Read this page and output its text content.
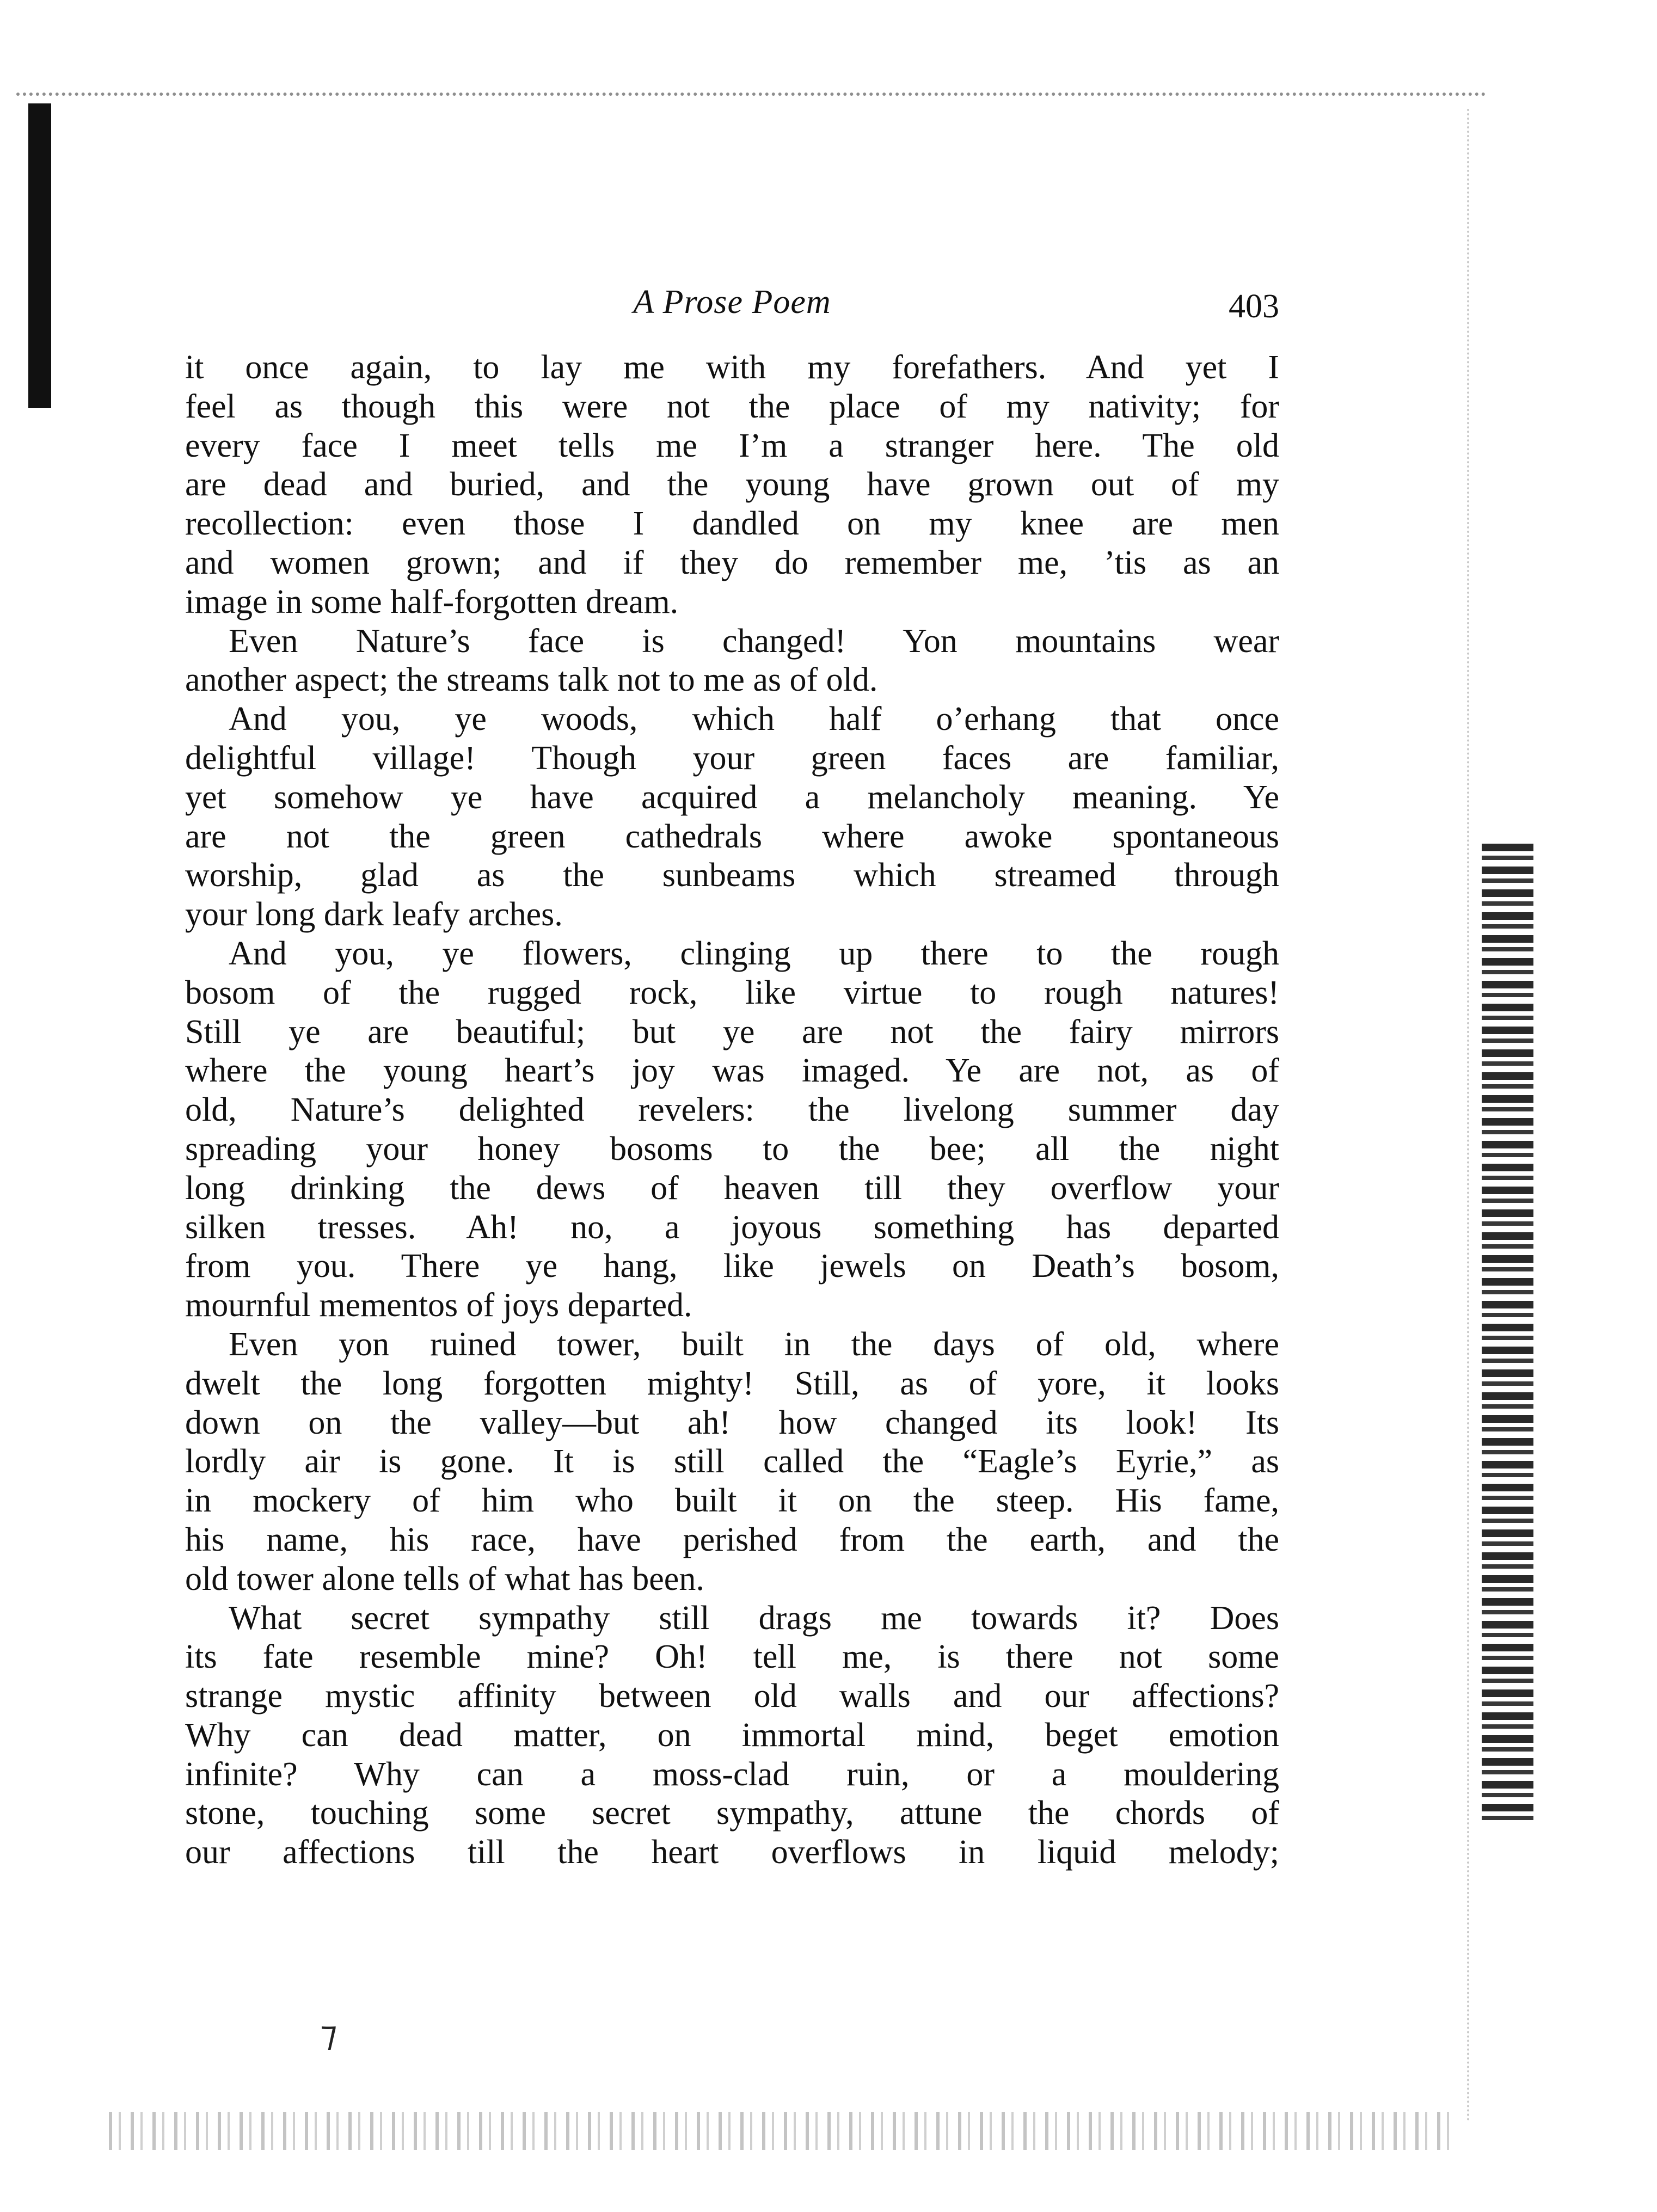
⁊
A Prose Poem	403
it once again, to lay me with my forefathers. And yet I
feel as though this were not the place of my nativity; for
every face I meet tells me I’m a stranger here. The old
are dead and buried, and the young have grown out of my
recollection: even those I dandled on my knee are men
and women grown; and if they do remember me, ’tis as an
image in some half-forgotten dream.
Even Nature’s face is changed! Yon mountains wear
another aspect; the streams talk not to me as of old.
And you, ye woods, which half o’erhang that once
delightful village! Though your green faces are familiar,
yet somehow ye have acquired a melancholy meaning. Ye
are not the green cathedrals where awoke spontaneous
worship, glad as the sunbeams which streamed through
your long dark leafy arches.
And you, ye flowers, clinging up there to the rough
bosom of the rugged rock, like virtue to rough natures!
Still ye are beautiful; but ye are not the fairy mirrors
where the young heart’s joy was imaged. Ye are not, as of
old, Nature’s delighted revelers: the livelong summer day
spreading your honey bosoms to the bee; all the night
long drinking the dews of heaven till they overflow your
silken tresses. Ah! no, a joyous something has departed
from you. There ye hang, like jewels on Death’s bosom,
mournful mementos of joys departed.
Even yon ruined tower, built in the days of old, where
dwelt the long forgotten mighty! Still, as of yore, it looks
down on the valley—but ah! how changed its look! Its
lordly air is gone. It is still called the “Eagle’s Eyrie,” as
in mockery of him who built it on the steep. His fame,
his name, his race, have perished from the earth, and the
old tower alone tells of what has been.
What secret sympathy still drags me towards it? Does
its fate resemble mine? Oh! tell me, is there not some
strange mystic affinity between old walls and our affections?
Why can dead matter, on immortal mind, beget emotion
infinite? Why can a moss-clad ruin, or a mouldering
stone, touching some secret sympathy, attune the chords of
our affections till the heart overflows in liquid melody;
